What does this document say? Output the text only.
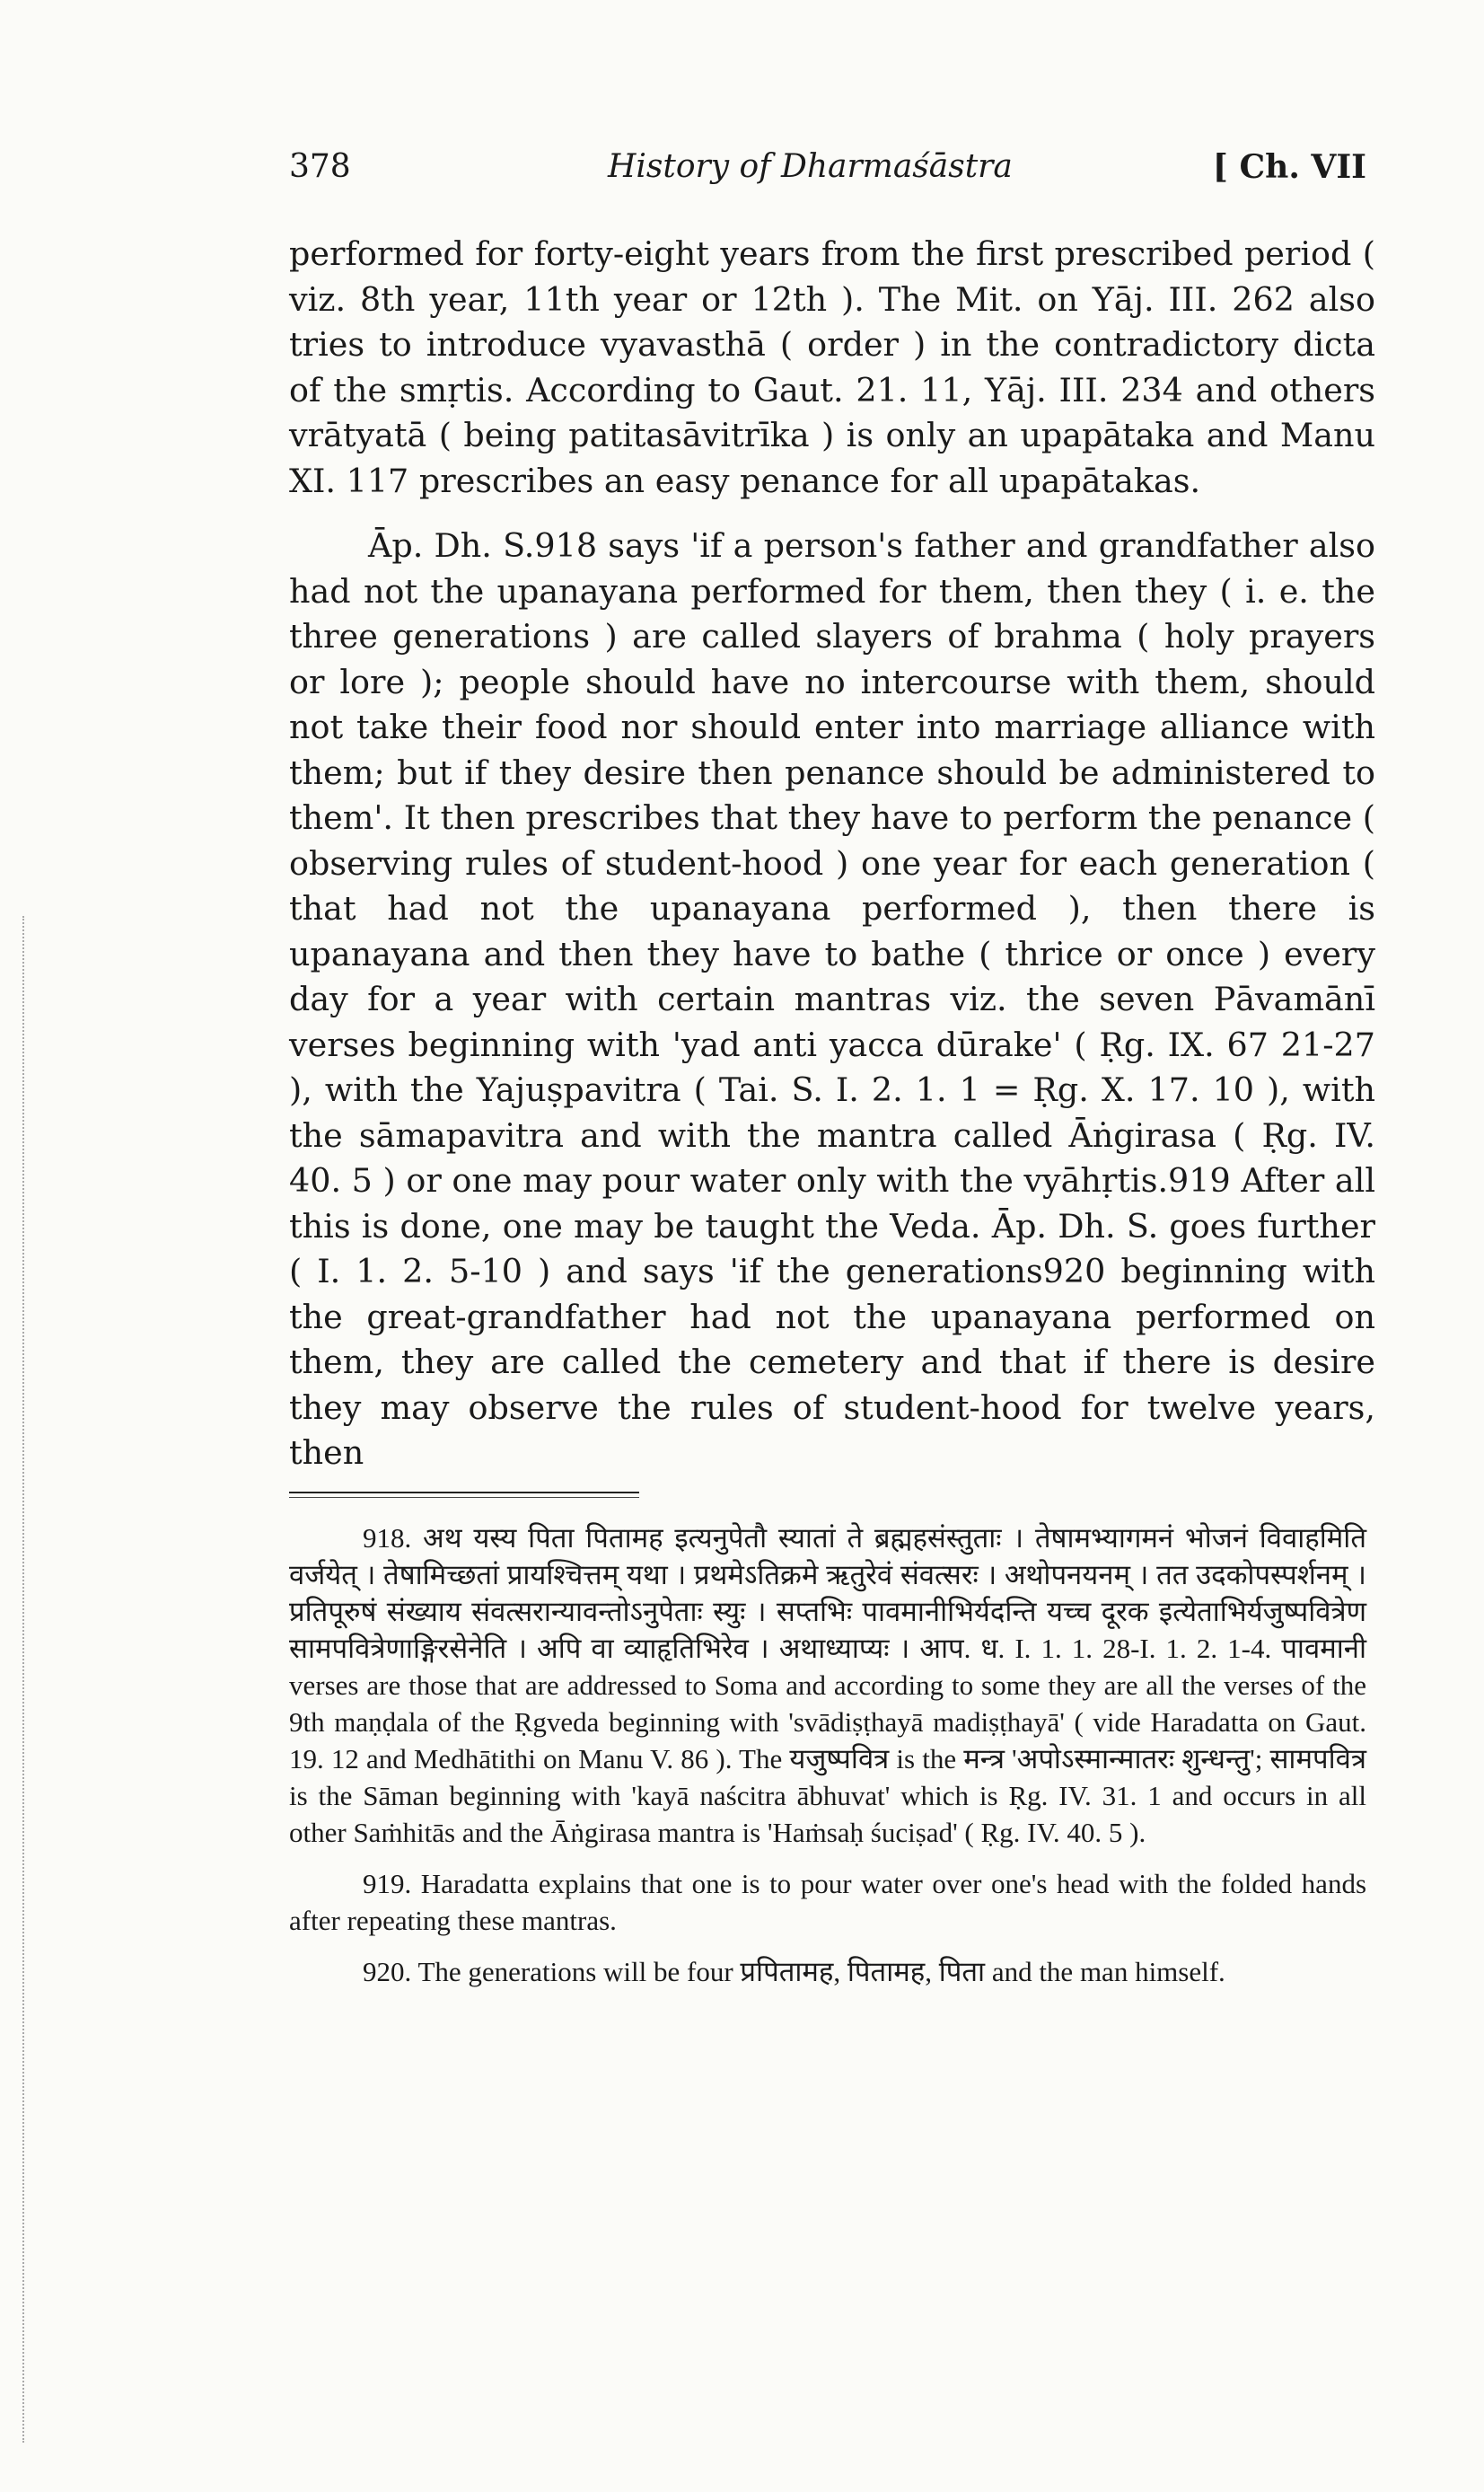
378	History of Dharmaśāstra	[ Ch. VII

performed for forty-eight years from the first prescribed period ( viz. 8th year, 11th year or 12th ). The Mit. on Yāj. III. 262 also tries to introduce vyavasthā ( order ) in the contradictory dicta of the smṛtis. According to Gaut. 21. 11, Yāj. III. 234 and others vrātyatā ( being patitasāvitrīka ) is only an upapātaka and Manu XI. 117 prescribes an easy penance for all upapātakas.

Āp. Dh. S.918 says 'if a person's father and grandfather also had not the upanayana performed for them, then they ( i. e. the three generations ) are called slayers of brahma ( holy prayers or lore ); people should have no intercourse with them, should not take their food nor should enter into marriage alliance with them; but if they desire then penance should be administered to them'. It then prescribes that they have to perform the penance ( observing rules of student-hood ) one year for each generation ( that had not the upanayana performed ), then there is upanayana and then they have to bathe ( thrice or once ) every day for a year with certain mantras viz. the seven Pāvamānī verses beginning with 'yad anti yacca dūrake' ( Ṛg. IX. 67 21-27 ), with the Yajuṣpavitra ( Tai. S. I. 2. 1. 1 = Ṛg. X. 17. 10 ), with the sāmapavitra and with the mantra called Āṅgirasa ( Ṛg. IV. 40. 5 ) or one may pour water only with the vyāhṛtis.919 After all this is done, one may be taught the Veda. Āp. Dh. S. goes further ( I. 1. 2. 5-10 ) and says 'if the generations920 beginning with the great-grandfather had not the upanayana performed on them, they are called the cemetery and that if there is desire they may observe the rules of student-hood for twelve years, then

918. अथ यस्य पिता पितामह इत्यनुपेतौ स्यातां ते ब्रह्महसंस्तुताः । तेषामभ्यागमनं भोजनं विवाहमिति वर्जयेत् । तेषामिच्छतां प्रायश्चित्तम् यथा । प्रथमेऽतिक्रमे ऋतुरेवं संवत्सरः । अथोपनयनम् । तत उदकोपस्पर्शनम् । प्रतिपूरुषं संख्याय संवत्सरान्यावन्तोऽनुपेताः स्युः । सप्तभिः पावमानीभिर्यदन्ति यच्च दूरक इत्येताभिर्यजुष्पवित्रेण सामपवित्रेणाङ्गिरसेनेति । अपि वा व्याहृतिभिरेव । अथाध्याप्यः । आप. ध. I. 1. 1. 28-I. 1. 2. 1-4. पावमानी verses are those that are addressed to Soma and according to some they are all the verses of the 9th maṇḍala of the Ṛgveda beginning with 'svādiṣṭhayā madiṣṭhayā' ( vide Haradatta on Gaut. 19. 12 and Medhātithi on Manu V. 86 ). The यजुष्पवित्र is the मन्त्र 'अपोऽस्मान्मातरः शुन्धन्तु'; सामपवित्र is the Sāman beginning with 'kayā naścitra ābhuvat' which is Ṛg. IV. 31. 1 and occurs in all other Saṁhitās and the Āṅgirasa mantra is 'Haṁsaḥ śuciṣad' ( Ṛg. IV. 40. 5 ).

919. Haradatta explains that one is to pour water over one's head with the folded hands after repeating these mantras.

920. The generations will be four प्रपितामह, पितामह, पिता and the man himself.
